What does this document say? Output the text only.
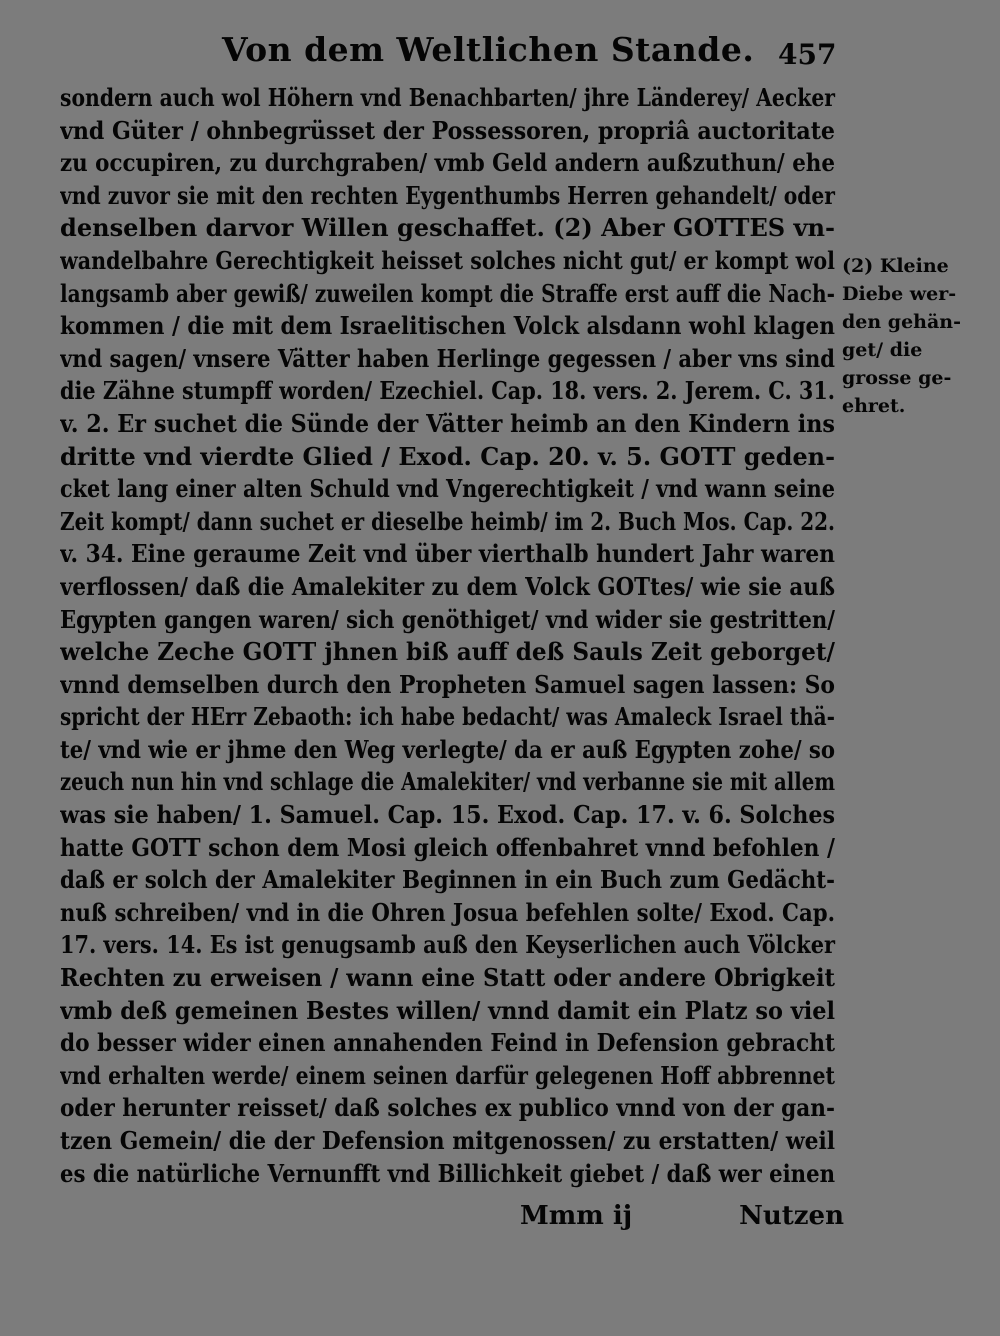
Von dem Weltlichen Stande. 457
sondern auch wol Höhern vnd Benachbarten/ jhre Länderey/ Aecker
vnd Güter / ohnbegrüsset der Possessoren, propriâ auctoritate
zu occupiren, zu durchgraben/ vmb Geld andern außzuthun/ ehe
vnd zuvor sie mit den rechten Eygenthumbs Herren gehandelt/ oder
denselben darvor Willen geschaffet. (2) Aber GOTTES vn-
wandelbahre Gerechtigkeit heisset solches nicht gut/ er kompt wol
langsamb aber gewiß/ zuweilen kompt die Straffe erst auff die Nach-
kommen / die mit dem Israelitischen Volck alsdann wohl klagen
vnd sagen/ vnsere Vätter haben Herlinge gegessen / aber vns sind
die Zähne stumpff worden/ Ezechiel. Cap. 18. vers. 2. Jerem. C. 31.
v. 2. Er suchet die Sünde der Vätter heimb an den Kindern ins
dritte vnd vierdte Glied / Exod. Cap. 20. v. 5. GOTT geden-
cket lang einer alten Schuld vnd Vngerechtigkeit / vnd wann seine
Zeit kompt/ dann suchet er dieselbe heimb/ im 2. Buch Mos. Cap. 22.
v. 34. Eine geraume Zeit vnd über vierthalb hundert Jahr waren
verflossen/ daß die Amalekiter zu dem Volck GOTtes/ wie sie auß
Egypten gangen waren/ sich genöthiget/ vnd wider sie gestritten/
welche Zeche GOTT jhnen biß auff deß Sauls Zeit geborget/
vnnd demselben durch den Propheten Samuel sagen lassen: So
spricht der HErr Zebaoth: ich habe bedacht/ was Amaleck Israel thä-
te/ vnd wie er jhme den Weg verlegte/ da er auß Egypten zohe/ so
zeuch nun hin vnd schlage die Amalekiter/ vnd verbanne sie mit allem
was sie haben/ 1. Samuel. Cap. 15. Exod. Cap. 17. v. 6. Solches
hatte GOTT schon dem Mosi gleich offenbahret vnnd befohlen /
daß er solch der Amalekiter Beginnen in ein Buch zum Gedächt-
nuß schreiben/ vnd in die Ohren Josua befehlen solte/ Exod. Cap.
17. vers. 14. Es ist genugsamb auß den Keyserlichen auch Völcker
Rechten zu erweisen / wann eine Statt oder andere Obrigkeit
vmb deß gemeinen Bestes willen/ vnnd damit ein Platz so viel
do besser wider einen annahenden Feind in Defension gebracht
vnd erhalten werde/ einem seinen darfür gelegenen Hoff abbrennet
oder herunter reisset/ daß solches ex publico vnnd von der gan-
tzen Gemein/ die der Defension mitgenossen/ zu erstatten/ weil
es die natürliche Vernunfft vnd Billichkeit giebet / daß wer einen
(2) Kleine
Diebe wer-
den gehän-
get/ die
grosse ge-
ehret.
Mmm ij	Nutzen
